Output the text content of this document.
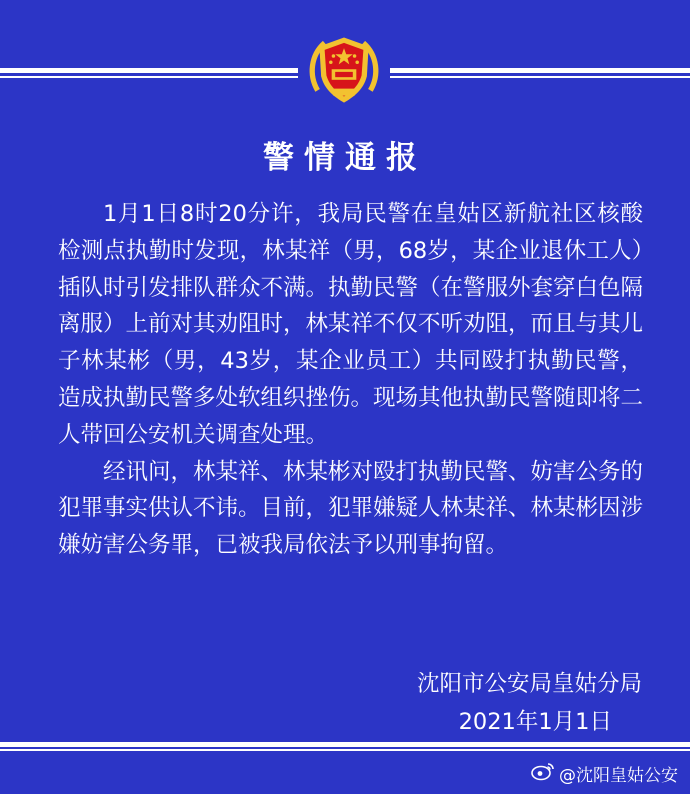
警情通报

1月1日8时20分许，我局民警在皇姑区新航社区核酸检测点执勤时发现，林某祥（男，68岁，某企业退休工人）插队时引发排队群众不满。执勤民警（在警服外套穿白色隔离服）上前对其劝阻时，林某祥不仅不听劝阻，而且与其儿子林某彬（男，43岁，某企业员工）共同殴打执勤民警，造成执勤民警多处软组织挫伤。现场其他执勤民警随即将二人带回公安机关调查处理。

经讯问，林某祥、林某彬对殴打执勤民警、妨害公务的犯罪事实供认不讳。目前，犯罪嫌疑人林某祥、林某彬因涉嫌妨害公务罪，已被我局依法予以刑事拘留。

沈阳市公安局皇姑分局
2021年1月1日
@沈阳皇姑公安
